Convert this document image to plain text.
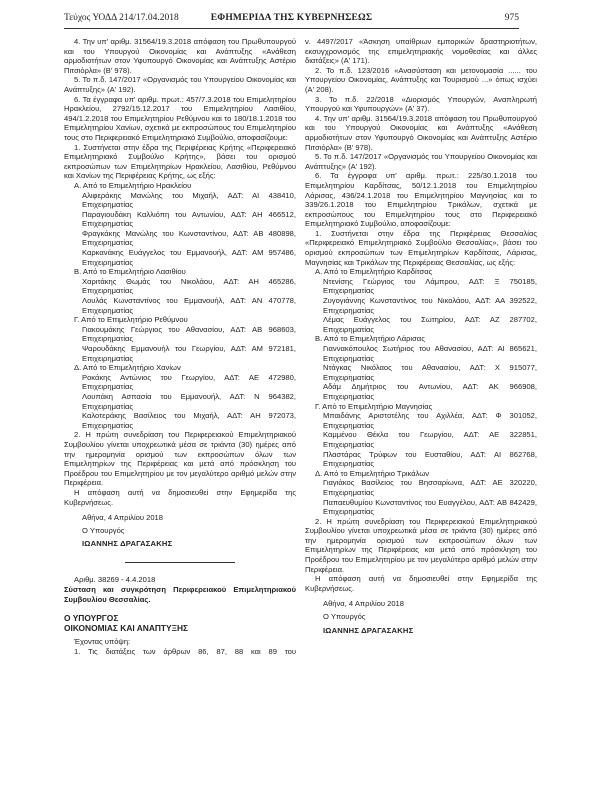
Τεύχος ΥΟΔΔ 214/17.04.2018	ΕΦΗΜΕΡΙΔΑ ΤΗΣ ΚΥΒΕΡΝΗΣΕΩΣ	975

4. Την υπ' αριθμ. 31564/19.3.2018 απόφαση του Πρωθυπουργού και του Υπουργού Οικονομίας και Ανάπτυξης «Ανάθεση αρμοδιοτήτων στον Υφυπουργό Οικονομίας και Ανάπτυξης Αστέριο Πιτσιόρλα» (Β' 978).

5. Το π.δ. 147/2017 «Οργανισμός του Υπουργείου Οικονομίας και Ανάπτυξης» (Α' 192).

6. Τα έγγραφα υπ' αριθμ. πρωτ.: 457/7.3.2018 του Επιμελητηρίου Ηρακλείου, 2792/15.12.2017 του Επιμελητηρίου Λασιθίου, 494/1.2.2018 του Επιμελητηρίου Ρεθύμνου και το 180/18.1.2018 του Επιμελητηρίου Χανίων, σχετικά με εκπροσώπους του Επιμελητηρίου τους στο Περιφερειακό Επιμελητηριακό Συμβούλιο, αποφασίζουμε:

1. Συστήνεται στην έδρα της Περιφέρειας Κρήτης «Περιφερειακό Επιμελητηριακό Συμβούλιο Κρήτης», βάσει του ορισμού εκπροσώπων των Επιμελητηρίων Ηρακλείου, Λασιθίου, Ρεθύμνου και Χανίων της Περιφέρειας Κρήτης, ως εξής:

Α. Από το Επιμελητήριο Ηρακλείου

Αλιφεράκης Μανώλης του Μιχαήλ, ΑΔΤ: ΑΙ 438410, Επιχειρηματίας

Παραγιουδάκη Καλλιόπη του Αντωνίου, ΑΔΤ: ΑΗ 466512, Επιχειρηματίας

Φραγκάκης Μανώλης του Κωνσταντίνου, ΑΔΤ: ΑΒ 480898, Επιχειρηματίας

Καρκανάκης Ευάγγελος του Εμμανουήλ, ΑΔΤ: ΑΜ 957486, Επιχειρηματίας

Β. Από το Επιμελητήριο Λασιθίου

Χαριτάκης Θωμάς του Νικολάου, ΑΔΤ: ΑΗ 465286, Επιχειρηματίας

Λουλάς Κωνσταντίνος του Εμμανουήλ, ΑΔΤ: ΑΝ 470778, Επιχειρηματίας

Γ. Από το Επιμελητήριο Ρεθύμνου

Γιακουμάκης Γεώργιος του Αθανασίου, ΑΔΤ: ΑΒ 968603, Επιχειρηματίας

Ψαρουδάκης Εμμανουήλ του Γεωργίου, ΑΔΤ: ΑΜ 972181, Επιχειρηματίας

Δ. Από το Επιμελητήριο Χανίων

Ροκάκης Αντώνιος του Γεωργίου, ΑΔΤ: ΑΕ 472980, Επιχειρηματίας

Λουπάκη Ασπασία του Εμμανουήλ, ΑΔΤ: Ν 964382, Επιχειρηματίας

Καλοτεράκης Βασίλειος του Μιχαήλ, ΑΔΤ: ΑΗ 972073, Επιχειρηματίας

2. Η πρώτη συνεδρίαση του Περιφερειακού Επιμελητηριακού Συμβουλίου γίνεται υποχρεωτικά μέσα σε τριάντα (30) ημέρες από την ημερομηνία ορισμού των εκπροσώπων όλων των Επιμελητηρίων της Περιφέρειας και μετά από πρόσκληση του Προέδρου του Επιμελητηρίου με τον μεγαλύτερο αριθμό μελών στην Περιφέρεια.

Η απόφαση αυτή να δημοσιευθεί στην Εφημερίδα της Κυβερνήσεως.

Αθήνα, 4 Απριλίου 2018

Ο Υπουργός

ΙΩΑΝΝΗΣ ΔΡΑΓΑΣΑΚΗΣ

Αριθμ. 38269 - 4.4.2018

Σύσταση και συγκρότηση Περιφερειακού Επιμελητηριακού Συμβουλίου Θεσσαλίας.

Ο ΥΠΟΥΡΓΟΣ

ΟΙΚΟΝΟΜΙΑΣ ΚΑΙ ΑΝΑΠΤΥΞΗΣ

Έχοντας υπόψη:

1. Τις διατάξεις των άρθρων 86, 87, 88 και 89 του

ν. 4497/2017 «Άσκηση υπαίθριων εμπορικών δραστηριοτήτων, εκσυγχρονισμός της επιμελητηριακής νομοθεσίας και άλλες διατάξεις» (Α' 171).

2. Το π.δ. 123/2016 «Ανασύσταση και μετονομασία ...... του Υπουργείου Οικονομίας, Ανάπτυξης και Τουρισμού ...» όπως ισχύει (Α' 208).

3. Το π.δ. 22/2018 «Διορισμός Υπουργών, Αναπληρωτή Υπουργού και Υφυπουργών» (Α' 37).

4. Την υπ' αριθμ. 31564/19.3.2018 απόφαση του Πρωθυπουργού και του Υπουργού Οικονομίας και Ανάπτυξης «Ανάθεση αρμοδιοτήτων στον Υφυπουργό Οικονομίας και Ανάπτυξης Αστέριο Πιτσιόρλα» (Β' 978).

5. Το π.δ. 147/2017 «Οργανισμός του Υπουργείου Οικονομίας και Ανάπτυξης» (Α' 192).

6. Τα έγγραφα υπ' αριθμ. πρωτ.: 225/30.1.2018 του Επιμελητηρίου Καρδίτσας, 50/12.1.2018 του Επιμελητηρίου Λάρισας, 436/24.1.2018 του Επιμελητηρίου Μαγνησίας και το 339/26.1.2018 του Επιμελητηρίου Τρικάλων, σχετικά με εκπροσώπους του Επιμελητηρίου τους στο Περιφερειακό Επιμελητηριακό Συμβούλιο, αποφασίζουμε:

1. Συστήνεται στην έδρα της Περιφέρειας Θεσσαλίας «Περιφερειακό Επιμελητηριακό Συμβούλιο Θεσσαλίας», βάσει του ορισμού εκπροσώπων των Επιμελητηρίων Καρδίτσας, Λάρισας, Μαγνησίας και Τρικάλων της Περιφέρειας Θεσσαλίας, ως εξής:

Α. Από το Επιμελητήριο Καρδίτσας

Ντενίσης Γεώργιος του Λάμπρου, ΑΔΤ: Ξ 750185, Επιχειρηματίας

Ζυγογιάννης Κωνσταντίνος του Νικολάου, ΑΔΤ: ΑΑ 392522, Επιχειρηματίας

Λέμας Ευάγγελος του Σωτηρίου, ΑΔΤ: ΑΖ 287702, Επιχειρηματίας

Β. Από το Επιμελητήριο Λάρισας

Γιαννακόπουλος Σωτήριος του Αθανασίου, ΑΔΤ: ΑΙ 865621, Επιχειρηματίας

Ντάγκας Νικόλαος του Αθανασίου, ΑΔΤ: Χ 915077, Επιχειρηματίας

Αδάμ Δημήτριος του Αντωνίου, ΑΔΤ: ΑΚ 966908, Επιχειρηματίας

Γ. Από το Επιμελητήριο Μαγνησίας

Μπαιδάνης Αριστοτέλης του Αχιλλέα, ΑΔΤ: Φ 301052, Επιχειρηματίας

Καμμένου Θέκλα του Γεωργίου, ΑΔΤ: ΑΕ 322851, Επιχειρηματίας

Πλαστάρας Τρύφων του Ευσταθίου, ΑΔΤ: ΑΙ 862768, Επιχειρηματίας

Δ. Από το Επιμελητήριο Τρικάλων

Γιαγιάκος Βασίλειος του Βησσαρίωνα, ΑΔΤ: ΑΕ 320220, Επιχειρηματίας

Παπαευθυμίου Κωνσταντίνος του Ευαγγέλου, ΑΔΤ: ΑΒ 842429, Επιχειρηματίας

2. Η πρώτη συνεδρίαση του Περιφερειακού Επιμελητηριακού Συμβουλίου γίνεται υποχρεωτικά μέσα σε τριάντα (30) ημέρες από την ημερομηνία ορισμού των εκπροσώπων όλων των Επιμελητηρίων της Περιφέρειας και μετά από πρόσκληση του Προέδρου του Επιμελητηρίου με τον μεγαλύτερο αριθμό μελών στην Περιφέρεια.

Η απόφαση αυτή να δημοσιευθεί στην Εφημερίδα της Κυβερνήσεως.

Αθήνα, 4 Απριλίου 2018

Ο Υπουργός

ΙΩΑΝΝΗΣ ΔΡΑΓΑΣΑΚΗΣ
